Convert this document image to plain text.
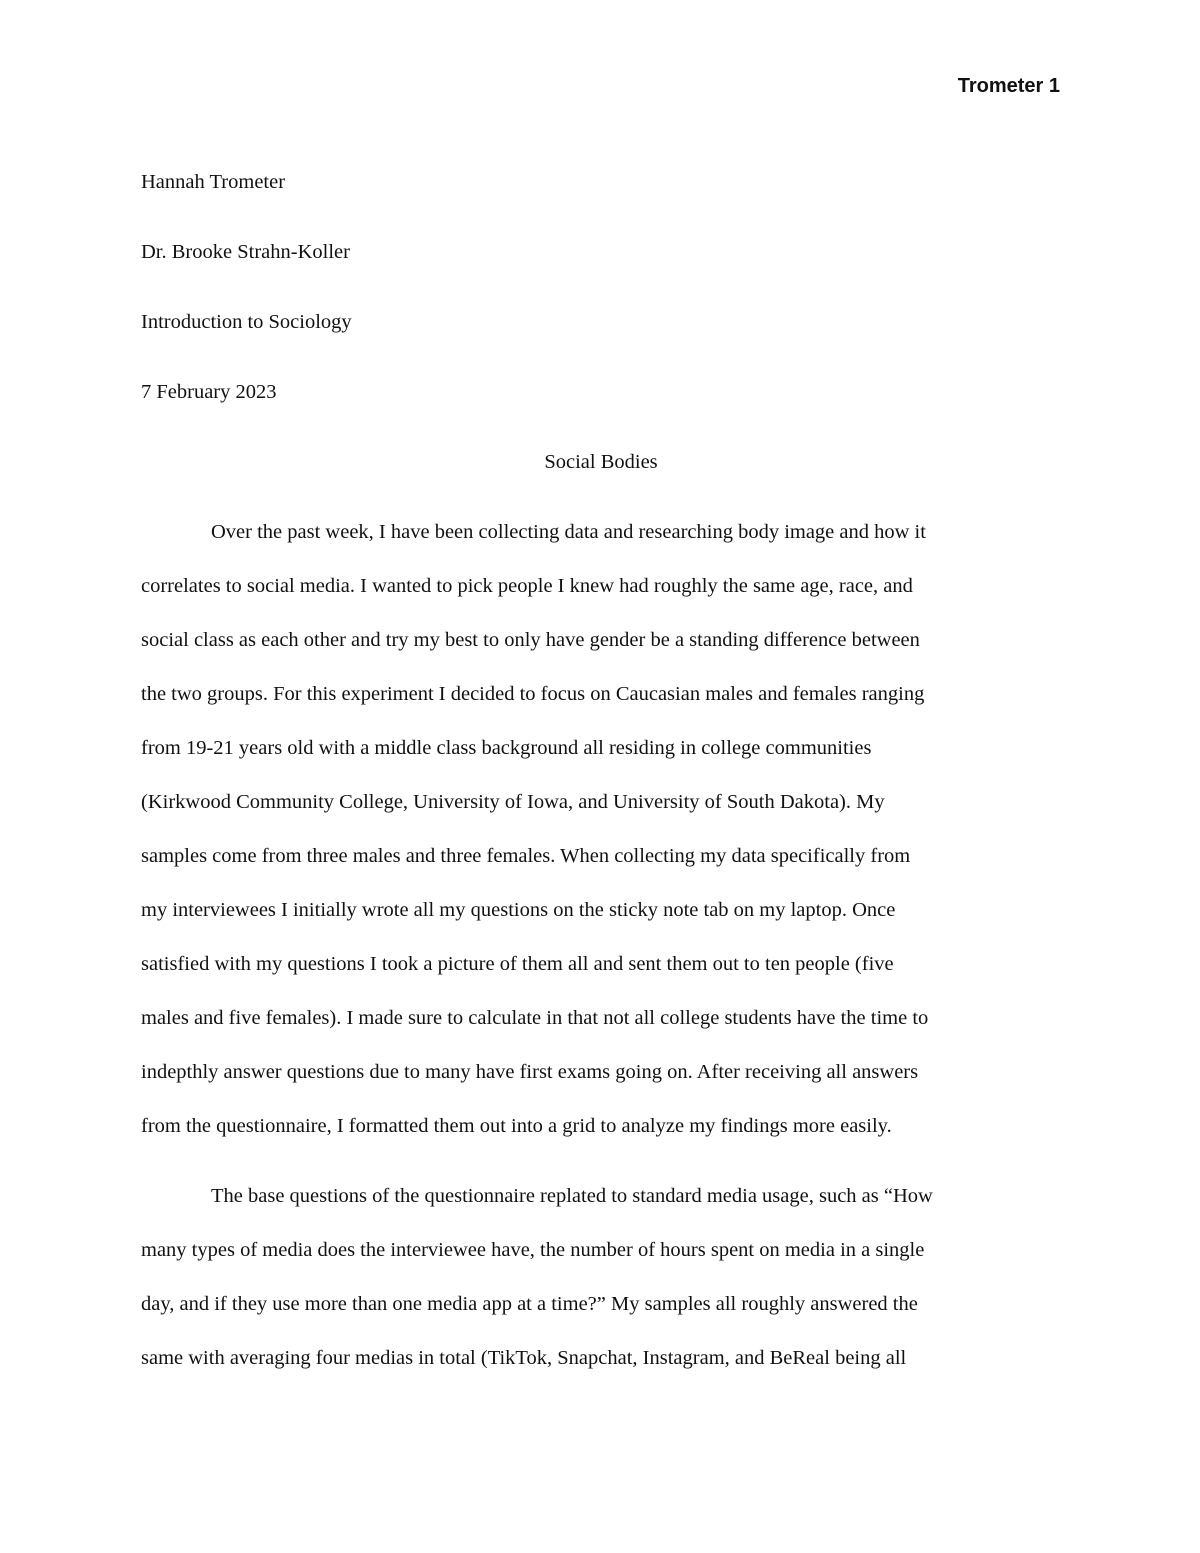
Trometer 1
Hannah Trometer
Dr. Brooke Strahn-Koller
Introduction to Sociology
7 February 2023
Social Bodies
Over the past week, I have been collecting data and researching body image and how it
correlates to social media. I wanted to pick people I knew had roughly the same age, race, and
social class as each other and try my best to only have gender be a standing difference between
the two groups. For this experiment I decided to focus on Caucasian males and females ranging
from 19-21 years old with a middle class background all residing in college communities
(Kirkwood Community College, University of Iowa, and University of South Dakota). My
samples come from three males and three females. When collecting my data specifically from
my interviewees I initially wrote all my questions on the sticky note tab on my laptop. Once
satisfied with my questions I took a picture of them all and sent them out to ten people (five
males and five females). I made sure to calculate in that not all college students have the time to
indepthly answer questions due to many have first exams going on. After receiving all answers
from the questionnaire, I formatted them out into a grid to analyze my findings more easily.
The base questions of the questionnaire replated to standard media usage, such as “How
many types of media does the interviewee have, the number of hours spent on media in a single
day, and if they use more than one media app at a time?” My samples all roughly answered the
same with averaging four medias in total (TikTok, Snapchat, Instagram, and BeReal being all
